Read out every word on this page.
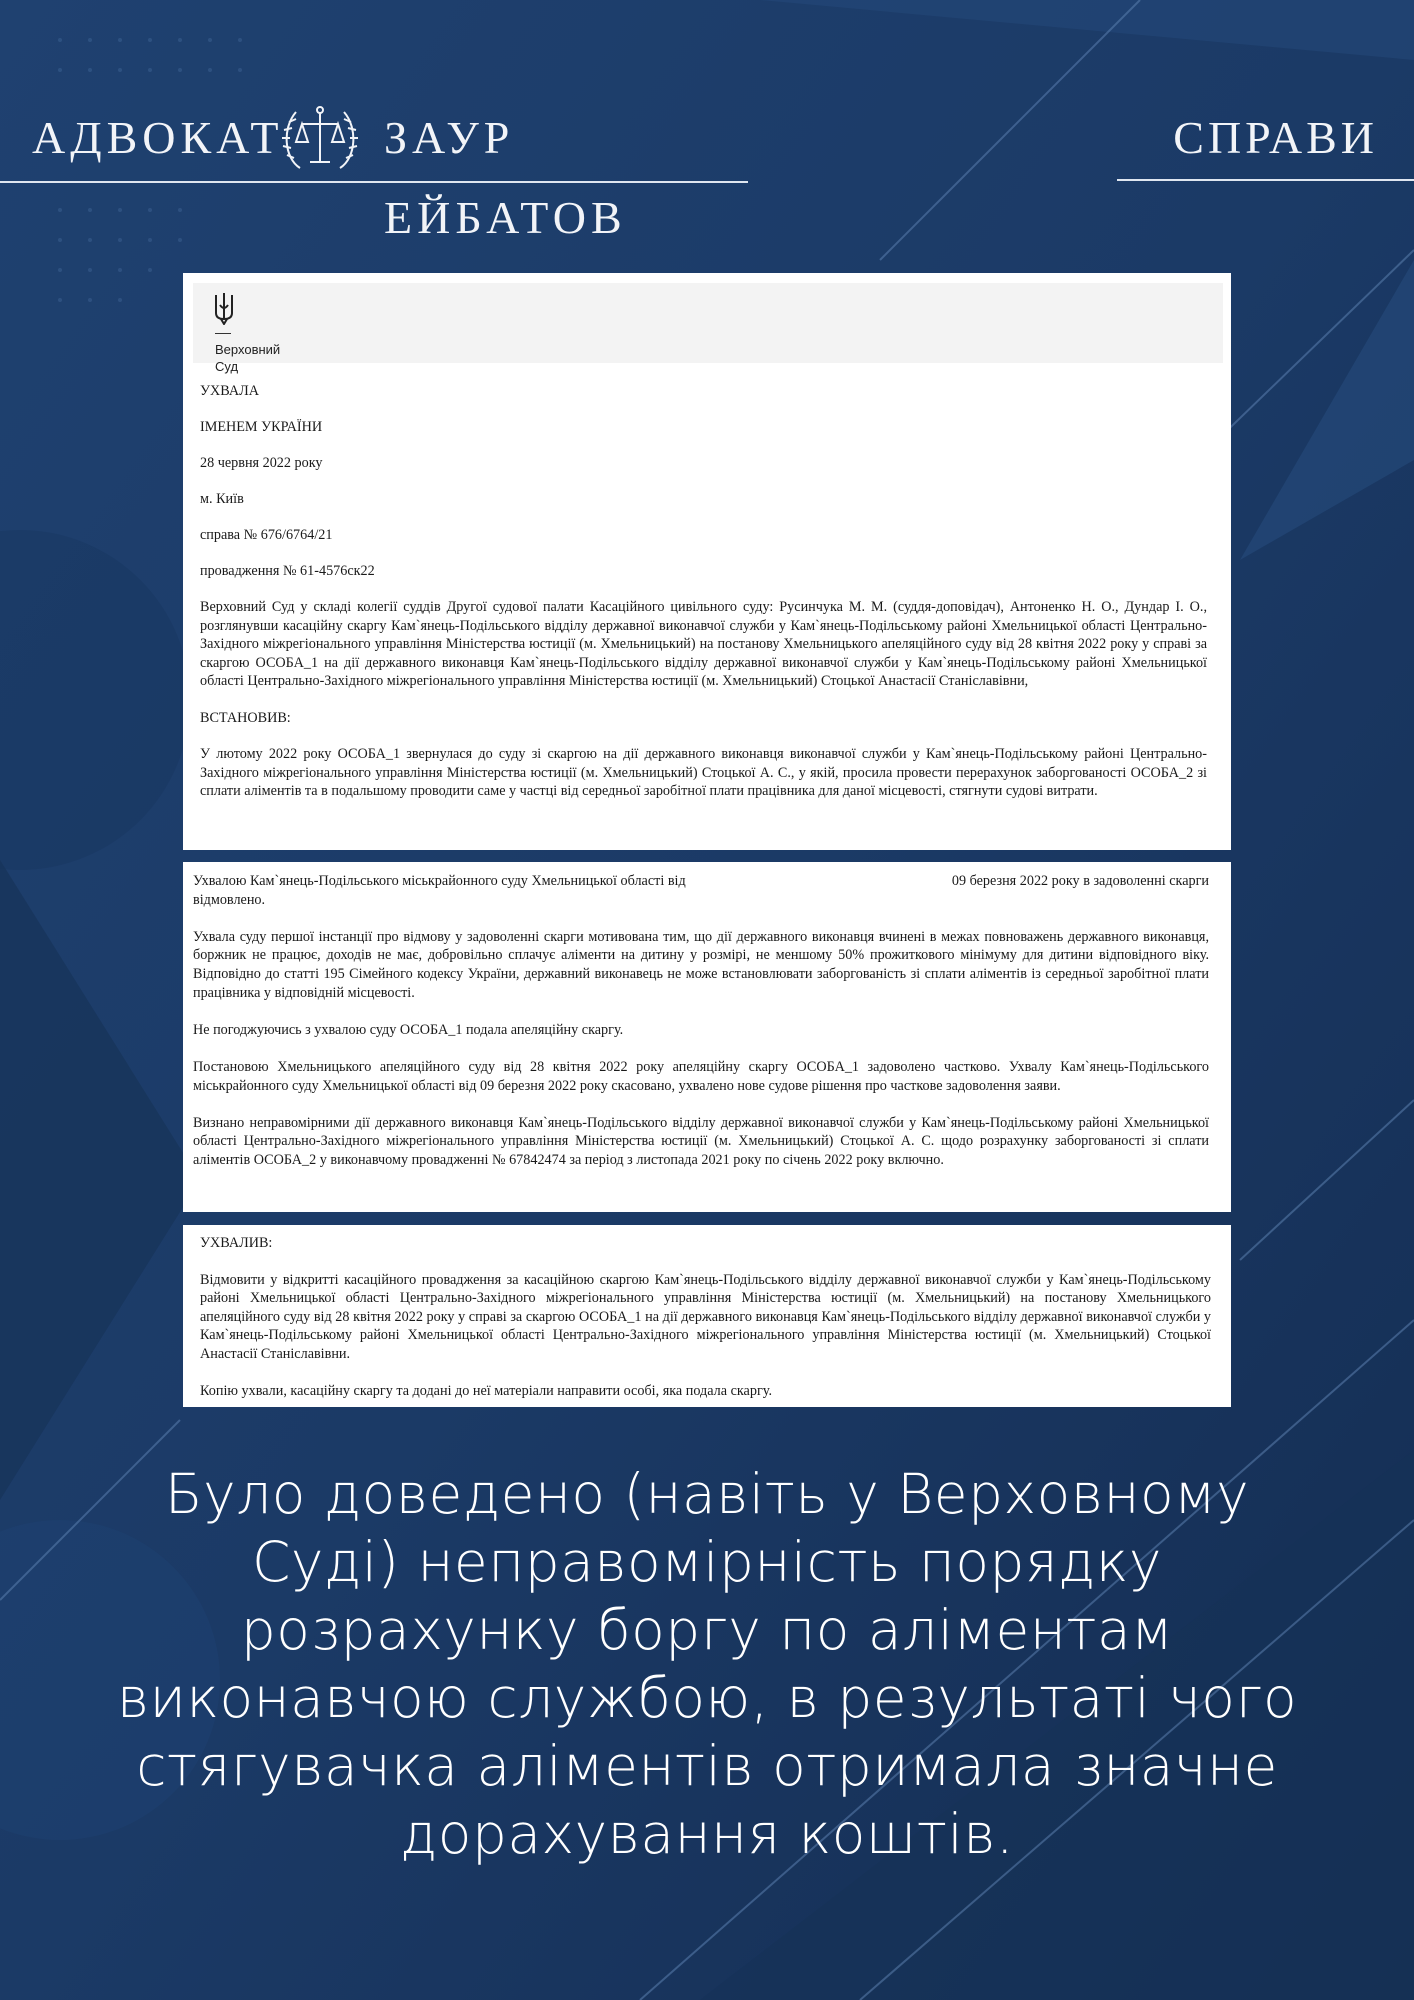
АДВОКАТ ЗАУР ЕЙБАТОВ
СПРАВИ
Верховний
Суд
УХВАЛА
ІМЕНЕМ УКРАЇНИ
28 червня 2022 року
м. Київ
справа № 676/6764/21
провадження № 61-4576ск22
Верховний Суд у складі колегії суддів Другої судової палати Касаційного цивільного суду: Русинчука М. М. (суддя-доповідач), Антоненко Н. О., Дундар І. О., розглянувши касаційну скаргу Кам`янець-Подільського відділу державної виконавчої служби у Кам`янець-Подільському районі Хмельницької області Центрально-Західного міжрегіонального управління Міністерства юстиції (м. Хмельницький) на постанову Хмельницького апеляційного суду від 28 квітня 2022 року у справі за скаргою ОСОБА_1 на дії державного виконавця Кам`янець-Подільського відділу державної виконавчої служби у Кам`янець-Подільському районі Хмельницької області Центрально-Західного міжрегіонального управління Міністерства юстиції (м. Хмельницький) Стоцької Анастасії Станіславівни,
ВСТАНОВИВ:
У лютому 2022 року ОСОБА_1 звернулася до суду зі скаргою на дії державного виконавця виконавчої служби у Кам`янець-Подільському районі Центрально-Західного міжрегіонального управління Міністерства юстиції (м. Хмельницький) Стоцької А. С., у якій, просила провести перерахунок заборгованості ОСОБА_2 зі сплати аліментів та в подальшому проводити саме у частці від середньої заробітної плати працівника для даної місцевості, стягнути судові витрати.
Ухвалою Кам`янець-Подільського міськрайонного суду Хмельницької області від	09 березня 2022 року в задоволенні скарги
відмовлено.
Ухвала суду першої інстанції про відмову у задоволенні скарги мотивована тим, що дії державного виконавця вчинені в межах повноважень державного виконавця, боржник не працює, доходів не має, добровільно сплачує аліменти на дитину у розмірі, не меншому 50% прожиткового мінімуму для дитини відповідного віку. Відповідно до статті 195 Сімейного кодексу України, державний виконавець не може встановлювати заборгованість зі сплати аліментів із середньої заробітної плати працівника у відповідній місцевості.
Не погоджуючись з ухвалою суду ОСОБА_1 подала апеляційну скаргу.
Постановою Хмельницького апеляційного суду від 28 квітня 2022 року апеляційну скаргу ОСОБА_1 задоволено частково. Ухвалу Кам`янець-Подільського міськрайонного суду Хмельницької області від 09 березня 2022 року скасовано, ухвалено нове судове рішення про часткове задоволення заяви.
Визнано неправомірними дії державного виконавця Кам`янець-Подільського відділу державної виконавчої служби у Кам`янець-Подільському районі Хмельницької області Центрально-Західного міжрегіонального управління Міністерства юстиції (м. Хмельницький) Стоцької А. С. щодо розрахунку заборгованості зі сплати аліментів ОСОБА_2 у виконавчому провадженні № 67842474 за період з листопада 2021 року по січень 2022 року включно.
УХВАЛИВ:
Відмовити у відкритті касаційного провадження за касаційною скаргою Кам`янець-Подільського відділу державної виконавчої служби у Кам`янець-Подільському районі Хмельницької області Центрально-Західного міжрегіонального управління Міністерства юстиції (м. Хмельницький) на постанову Хмельницького апеляційного суду від 28 квітня 2022 року у справі за скаргою ОСОБА_1 на дії державного виконавця Кам`янець-Подільського відділу державної виконавчої служби у Кам`янець-Подільському районі Хмельницької області Центрально-Західного міжрегіонального управління Міністерства юстиції (м. Хмельницький) Стоцької Анастасії Станіславівни.
Копію ухвали, касаційну скаргу та додані до неї матеріали направити особі, яка подала скаргу.
Було доведено (навіть у Верховному
Суді) неправомірність порядку
розрахунку боргу по аліментам
виконавчою службою, в результаті чого
стягувачка аліментів отримала значне
дорахування коштів.
